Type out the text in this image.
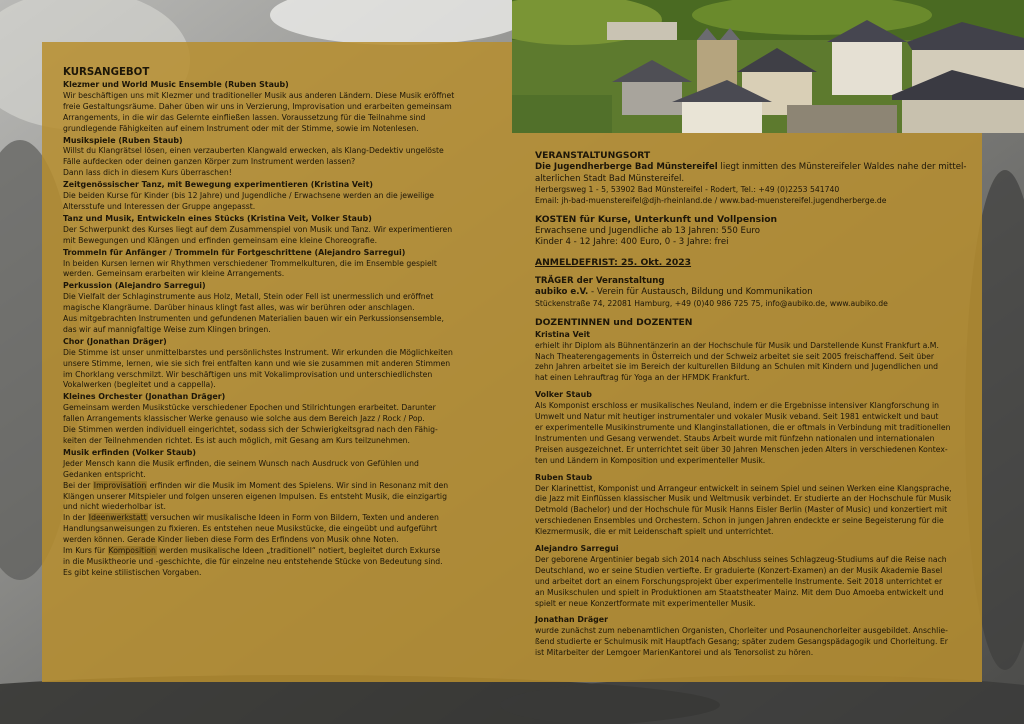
KURSANGEBOT
Klezmer und World Music Ensemble (Ruben Staub)

Wir beschäftigen uns mit Klezmer und traditioneller Musik aus anderen Ländern. Diese Musik eröffnet

freie Gestaltungsräume. Daher üben wir uns in Verzierung, Improvisation und erarbeiten gemeinsam

Arrangements, in die wir das Gelernte einfließen lassen. Voraussetzung für die Teilnahme sind

grundlegende Fähigkeiten auf einem Instrument oder mit der Stimme, sowie im Notenlesen.

Musikspiele (Ruben Staub)

Willst du Klangrätsel lösen, einen verzauberten Klangwald erwecken, als Klang-Dedektiv ungelöste

Fälle aufdecken oder deinen ganzen Körper zum Instrument werden lassen?

Dann lass dich in diesem Kurs überraschen!

Zeitgenössischer Tanz, mit Bewegung experimentieren (Kristina Veit)

Die beiden Kurse für Kinder (bis 12 Jahre) und Jugendliche / Erwachsene werden an die jeweilige

Altersstufe und Interessen der Gruppe angepasst.

Tanz und Musik, Entwickeln eines Stücks (Kristina Veit, Volker Staub)

Der Schwerpunkt des Kurses liegt auf dem Zusammenspiel von Musik und Tanz. Wir experimentieren

mit Bewegungen und Klängen und erfinden gemeinsam eine kleine Choreografie.

Trommeln für Anfänger / Trommeln für Fortgeschrittene (Alejandro Sarregui)

In beiden Kursen lernen wir Rhythmen verschiedener Trommelkulturen, die im Ensemble gespielt

werden. Gemeinsam erarbeiten wir kleine Arrangements.

Perkussion (Alejandro Sarregui)

Die Vielfalt der Schlaginstrumente aus Holz, Metall, Stein oder Fell ist unermesslich und eröffnet

magische Klangräume. Darüber hinaus klingt fast alles, was wir berühren oder anschlagen.

Aus mitgebrachten Instrumenten und gefundenen Materialien bauen wir ein Perkussionsensemble,

das wir auf mannigfaltige Weise zum Klingen bringen.

Chor (Jonathan Dräger)

Die Stimme ist unser unmittelbarstes und persönlichstes Instrument. Wir erkunden die Möglichkeiten

unsere Stimme, lernen, wie sie sich frei entfalten kann und wie sie zusammen mit anderen Stimmen

im Chorklang verschmilzt. Wir beschäftigen uns mit Vokalimprovisation und unterschiedlichsten

Vokalwerken (begleitet und a cappella).

Kleines Orchester (Jonathan Dräger)

Gemeinsam werden Musikstücke verschiedener Epochen und Stilrichtungen erarbeitet. Darunter

fallen Arrangements klassischer Werke genauso wie solche aus dem Bereich Jazz / Rock / Pop.

Die Stimmen werden individuell eingerichtet, sodass sich der Schwierigkeitsgrad nach den Fähig-

keiten der Teilnehmenden richtet. Es ist auch möglich, mit Gesang am Kurs teilzunehmen.

Musik erfinden (Volker Staub)

Jeder Mensch kann die Musik erfinden, die seinem Wunsch nach Ausdruck von Gefühlen und

Gedanken entspricht.

Bei der Improvisation erfinden wir die Musik im Moment des Spielens. Wir sind in Resonanz mit den

Klängen unserer Mitspieler und folgen unseren eigenen Impulsen. Es entsteht Musik, die einzigartig

und nicht wiederholbar ist.

In der Ideenwerkstatt versuchen wir musikalische Ideen in Form von Bildern, Texten und anderen

Handlungsanweisungen zu fixieren. Es entstehen neue Musikstücke, die eingeübt und aufgeführt

werden können. Gerade Kinder lieben diese Form des Erfindens von Musik ohne Noten.

Im Kurs für Komposition werden musikalische Ideen „traditionell“ notiert, begleitet durch Exkurse

in die Musiktheorie und -geschichte, die für einzelne neu entstehende Stücke von Bedeutung sind.

Es gibt keine stilistischen Vorgaben.

VERANSTALTUNGSORT

Die Jugendherberge Bad Münstereifel liegt inmitten des Münstereifeler Waldes nahe der mittel-

alterlichen Stadt Bad Münstereifel.

Herbergsweg 1 - 5, 53902 Bad Münstereifel - Rodert, Tel.: +49 (0)2253 541740

Email: jh-bad-muenstereifel@djh-rheinland.de / www.bad-muenstereifel.jugendherberge.de

KOSTEN für Kurse, Unterkunft und Vollpension

Erwachsene und Jugendliche ab 13 Jahren: 550 Euro

Kinder 4 - 12 Jahre: 400 Euro, 0 - 3 Jahre: frei

ANMELDEFRIST: 25. Okt. 2023

TRÄGER der Veranstaltung

aubiko e.V. - Verein für Austausch, Bildung und Kommunikation

Stückenstraße 74, 22081 Hamburg, +49 (0)40 986 725 75, info@aubiko.de, www.aubiko.de

DOZENTINNEN und DOZENTEN
Kristina Veit

erhielt ihr Diplom als Bühnentänzerin an der Hochschule für Musik und Darstellende Kunst Frankfurt a.M.

Nach Theaterengagements in Österreich und der Schweiz arbeitet sie seit 2005 freischaffend. Seit über

zehn Jahren arbeitet sie im Bereich der kulturellen Bildung an Schulen mit Kindern und Jugendlichen und

hat einen Lehrauftrag für Yoga an der HFMDK Frankfurt.

Volker Staub

Als Komponist erschloss er musikalisches Neuland, indem er die Ergebnisse intensiver Klangforschung in

Umwelt und Natur mit heutiger instrumentaler und vokaler Musik veband. Seit 1981 entwickelt und baut

er experimentelle Musikinstrumente und Klanginstallationen, die er oftmals in Verbindung mit traditionellen

Instrumenten und Gesang verwendet. Staubs Arbeit wurde mit fünfzehn nationalen und internationalen

Preisen ausgezeichnet. Er unterrichtet seit über 30 Jahren Menschen jeden Alters in verschiedenen Kontex-

ten und Ländern in Komposition und experimenteller Musik.

Ruben Staub

Der Klarinettist, Komponist und Arrangeur entwickelt in seinem Spiel und seinen Werken eine Klangsprache,

die Jazz mit Einflüssen klassischer Musik und Weltmusik verbindet. Er studierte an der Hochschule für Musik

Detmold (Bachelor) und der Hochschule für Musik Hanns Eisler Berlin (Master of Music) und konzertiert mit

verschiedenen Ensembles und Orchestern. Schon in jungen Jahren endeckte er seine Begeisterung für die

Klezmermusik, die er mit Leidenschaft spielt und unterrichtet.

Alejandro Sarregui

Der geborene Argentinier begab sich 2014 nach Abschluss seines Schlagzeug-Studiums auf die Reise nach

Deutschland, wo er seine Studien vertiefte. Er graduierte (Konzert-Examen) an der Musik Akademie Basel

und arbeitet dort an einem Forschungsprojekt über experimentelle Instrumente. Seit 2018 unterrichtet er

an Musikschulen und spielt in Produktionen am Staatstheater Mainz. Mit dem Duo Amoeba entwickelt und

spielt er neue Konzertformate mit experimenteller Musik.

Jonathan Dräger

wurde zunächst zum nebenamtlichen Organisten, Chorleiter und Posaunenchorleiter ausgebildet. Anschlie-

ßend studierte er Schulmusik mit Hauptfach Gesang; später zudem Gesangspädagogik und Chorleitung. Er

ist Mitarbeiter der Lemgoer MarienKantorei und als Tenorsolist zu hören.
